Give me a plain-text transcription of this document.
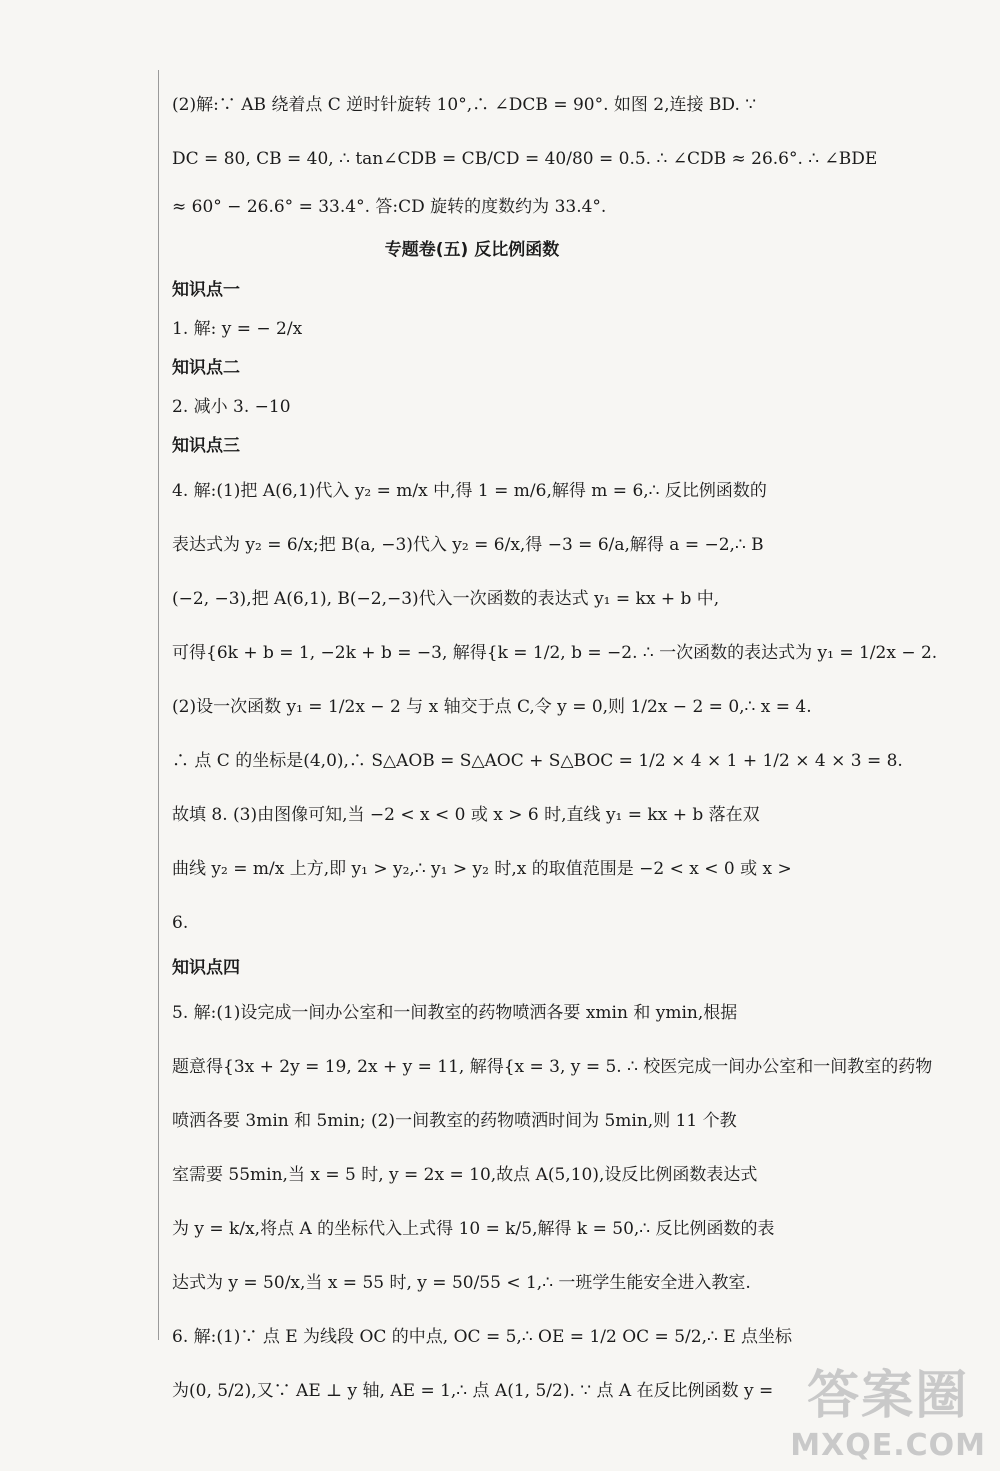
(2)解:∵ AB 绕着点 C 逆时针旋转 10°,∴ ∠DCB = 90°. 如图 2,连接 BD. ∵

DC = 80, CB = 40, ∴ tan∠CDB = CB/CD = 40/80 = 0.5. ∴ ∠CDB ≈ 26.6°. ∴ ∠BDE

≈ 60° − 26.6° = 33.4°. 答:CD 旋转的度数约为 33.4°.

专题卷(五) 反比例函数

知识点一

1. 解: y = − 2/x

知识点二

2. 减小 3. −10

知识点三

4. 解:(1)把 A(6,1)代入 y₂ = m/x 中,得 1 = m/6,解得 m = 6,∴ 反比例函数的

表达式为 y₂ = 6/x;把 B(a, −3)代入 y₂ = 6/x,得 −3 = 6/a,解得 a = −2,∴ B

(−2, −3),把 A(6,1), B(−2,−3)代入一次函数的表达式 y₁ = kx + b 中,

可得{6k + b = 1, −2k + b = −3, 解得{k = 1/2, b = −2. ∴ 一次函数的表达式为 y₁ = 1/2x − 2.

(2)设一次函数 y₁ = 1/2x − 2 与 x 轴交于点 C,令 y = 0,则 1/2x − 2 = 0,∴ x = 4.

∴ 点 C 的坐标是(4,0),∴ S△AOB = S△AOC + S△BOC = 1/2 × 4 × 1 + 1/2 × 4 × 3 = 8.

故填 8. (3)由图像可知,当 −2 < x < 0 或 x > 6 时,直线 y₁ = kx + b 落在双

曲线 y₂ = m/x 上方,即 y₁ > y₂,∴ y₁ > y₂ 时,x 的取值范围是 −2 < x < 0 或 x >

6.

知识点四

5. 解:(1)设完成一间办公室和一间教室的药物喷洒各要 xmin 和 ymin,根据

题意得{3x + 2y = 19, 2x + y = 11, 解得{x = 3, y = 5. ∴ 校医完成一间办公室和一间教室的药物

喷洒各要 3min 和 5min; (2)一间教室的药物喷洒时间为 5min,则 11 个教

室需要 55min,当 x = 5 时, y = 2x = 10,故点 A(5,10),设反比例函数表达式

为 y = k/x,将点 A 的坐标代入上式得 10 = k/5,解得 k = 50,∴ 反比例函数的表

达式为 y = 50/x,当 x = 55 时, y = 50/55 < 1,∴ 一班学生能安全进入教室.

6. 解:(1)∵ 点 E 为线段 OC 的中点, OC = 5,∴ OE = 1/2 OC = 5/2,∴ E 点坐标

为(0, 5/2),又∵ AE ⊥ y 轴, AE = 1,∴ 点 A(1, 5/2). ∵ 点 A 在反比例函数 y = 答案圈
MXQE.COM
